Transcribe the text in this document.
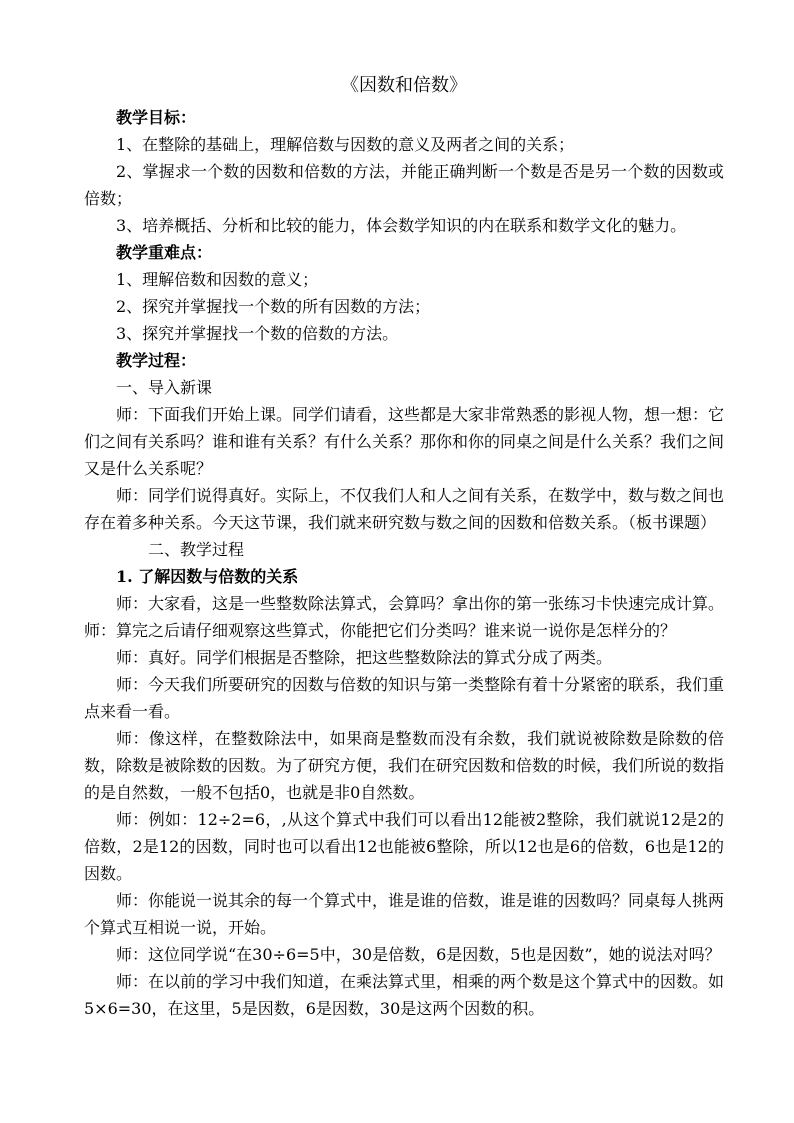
《因数和倍数》

教学目标：

1、在整除的基础上，理解倍数与因数的意义及两者之间的关系；

2、掌握求一个数的因数和倍数的方法，并能正确判断一个数是否是另一个数的因数或倍数；

3、培养概括、分析和比较的能力，体会数学知识的内在联系和数学文化的魅力。

教学重难点：

1、理解倍数和因数的意义；

2、探究并掌握找一个数的所有因数的方法；

3、探究并掌握找一个数的倍数的方法。

教学过程：

一、导入新课

师：下面我们开始上课。同学们请看，这些都是大家非常熟悉的影视人物，想一想：它们之间有关系吗？谁和谁有关系？有什么关系？那你和你的同桌之间是什么关系？我们之间又是什么关系呢？

师：同学们说得真好。实际上，不仅我们人和人之间有关系，在数学中，数与数之间也存在着多种关系。今天这节课，我们就来研究数与数之间的因数和倍数关系。（板书课题）

二、教学过程

1. 了解因数与倍数的关系

师：大家看，这是一些整数除法算式，会算吗？拿出你的第一张练习卡快速完成计算。师：算完之后请仔细观察这些算式，你能把它们分类吗？谁来说一说你是怎样分的？

师：真好。同学们根据是否整除，把这些整数除法的算式分成了两类。

师：今天我们所要研究的因数与倍数的知识与第一类整除有着十分紧密的联系，我们重点来看一看。

师：像这样，在整数除法中，如果商是整数而没有余数，我们就说被除数是除数的倍数，除数是被除数的因数。为了研究方便，我们在研究因数和倍数的时候，我们所说的数指的是自然数，一般不包括0，也就是非0自然数。

师：例如：12÷2=6，,从这个算式中我们可以看出12能被2整除，我们就说12是2的倍数，2是12的因数，同时也可以看出12也能被6整除，所以12也是6的倍数，6也是12的因数。

师：你能说一说其余的每一个算式中，谁是谁的倍数，谁是谁的因数吗？同桌每人挑两个算式互相说一说，开始。

师：这位同学说“在30÷6=5中，30是倍数，6是因数，5也是因数”，她的说法对吗？

师：在以前的学习中我们知道，在乘法算式里，相乘的两个数是这个算式中的因数。如5×6=30，在这里，5是因数，6是因数，30是这两个因数的积。
